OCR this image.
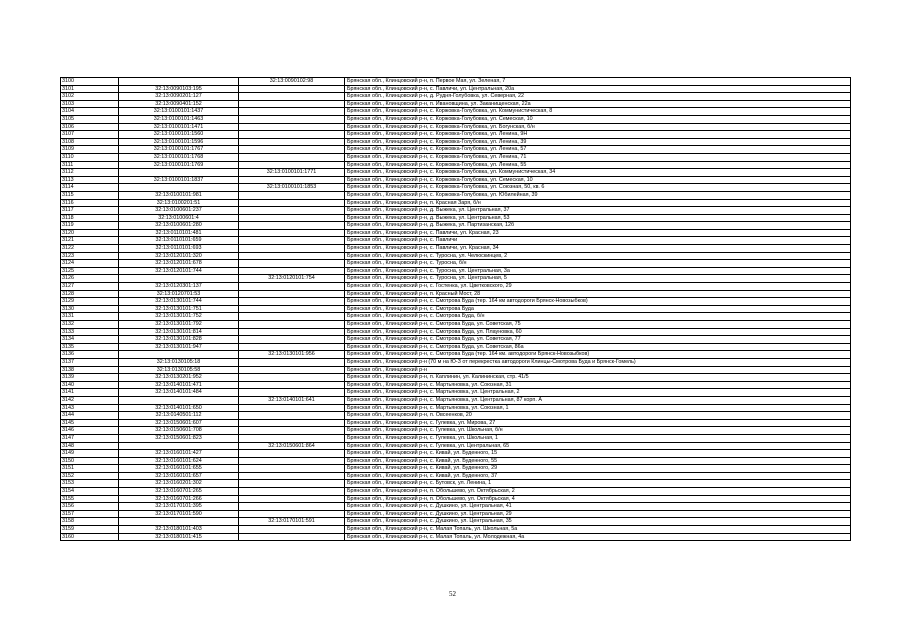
3100		32:13:0090102:98	Брянская обл., Клинцовский р-н, п. Первое Мая, ул. Зеленая, 7
3101	32:13:0090103:195		Брянская обл., Клинцовский р-н, с. Павличи, ул. Центральная, 20а
3102	32:13:0090201:127		Брянская обл., Клинцовский р-н, д. Рудня-Голубовка, ул. Северная, 22
3103	32:13:0090401:152		Брянская обл., Клинцовский р-н, п. Ивановщина, ул. Заканищенская, 22а
3104	32:13:0100101:1437		Брянская обл., Клинцовский р-н, с. Коржовка-Голубовка, ул. Коммунистическая, 8
3105	32:13:0100101:1463		Брянская обл., Клинцовский р-н, с. Коржовка-Голубовка, ул. Семеская, 10
3106	32:13:0100101:1471		Брянская обл., Клинцовский р-н, с. Коржовка-Голубовка, ул. Богунская, б/н
3107	32:13:0100101:1560		Брянская обл., Клинцовский р-н, с. Коржовка-Голубовка, ул. Ленина, 9Н
3108	32:13:0100101:1596		Брянская обл., Клинцовский р-н, с. Коржовка-Голубовка, ул. Ленина, 39
3109	32:13:0100101:1767		Брянская обл., Клинцовский р-н, с. Коржовка-Голубовка, ул. Ленина, 57
3110	32:13:0100101:1768		Брянская обл., Клинцовский р-н, с. Коржовка-Голубовка, ул. Ленина, 71
3111	32:13:0100101:1769		Брянская обл., Клинцовский р-н, с. Коржовка-Голубовка, ул. Ленина, 55
3112		32:13:0100101:1771	Брянская обл., Клинцовский р-н, с. Коржовка-Голубовка, ул. Коммунистическая, 34
3113	32:13:0100101:1837		Брянская обл., Клинцовский р-н, с. Коржовка-Голубовка, ул. Семеская, 10
3114		32:13:0100101:1853	Брянская обл., Клинцовский р-н, с. Коржовка-Голубовка, ул. Союзная, 50, кв. 6
3115	32:13:0100101:981		Брянская обл., Клинцовский р-н, с. Коржовка-Голубовка, ул. Юбилейная, 39
3116	32:13:0100201:51		Брянская обл., Клинцовский р-н, п. Красная Заря, б/н
3117	32:13:0100601:237		Брянская обл., Клинцовский р-н, д. Выжека, ул. Центральная, 37
3118	32:13:0100601:4		Брянская обл., Клинцовский р-н, д. Выжека, ул. Центральная, 53
3119	32:13:0100601:280		Брянская обл., Клинцовский р-н, д. Выжека, ул. Партизанская, 12б
3120	32:13:0110101:481		Брянская обл., Клинцовский р-н, с. Павличи, ул. Красная, 23
3121	32:13:0110101:659		Брянская обл., Клинцовский р-н, с. Павличи
3122	32:13:0110101:693		Брянская обл., Клинцовский р-н, с. Павличи, ул. Красная, 34
3123	32:13:0120101:320		Брянская обл., Клинцовский р-н, с. Туросна, ул. Челюскинцев, 2
3124	32:13:0120101:678		Брянская обл., Клинцовский р-н, с. Туросна, б/н
3125	32:13:0120101:744		Брянская обл., Клинцовский р-н, с. Туросна, ул. Центральная, 3а
3126		32:13:0120101:754	Брянская обл., Клинцовский р-н, с. Туросна, ул. Центральная, 5
3127	32:13:0120301:137		Брянская обл., Клинцовский р-н, с. Гостенка, ул. Цветковского, 29
3128	32:13:0120701:53		Брянская обл., Клинцовский р-н, п. Красный Мост, 28
3129	32:13:0130101:744		Брянская обл., Клинцовский р-н, с. Смотрова Буда (тер. 164 км автодороги Брянск-Новозыбков)
3130	32:13:0130101:751		Брянская обл., Клинцовский р-н, с. Смотрова Буда
3131	32:13:0130101:752		Брянская обл., Клинцовский р-н, с. Смотрова Буда, б/н
3132	32:13:0130101:792		Брянская обл., Клинцовский р-н, с. Смотрова Буда, ул. Советская, 75
3133	32:13:0130101:814		Брянская обл., Клинцовский р-н, с. Смотрова Буда, ул. Плауновка, 60
3134	32:13:0130101:828		Брянская обл., Клинцовский р-н, с. Смотрова Буда, ул. Советская, 77
3135	32:13:0130101:947		Брянская обл., Клинцовский р-н, с. Смотрова Буда, ул. Советская, 86а
3136		32:13:0130101:956	Брянская обл., Клинцовский р-н, с. Смотрова Буда (тер. 164 км. автодороги Брянск-Новозыбков)
3137	32:13:0130105:18		Брянская обл., Клинцовский р-н (70 м на Ю-З от перекрестка автодороги Клинцы-Смотрова Буда и Брянск-Гомель)
3138	32:13:0130105:58		Брянская обл., Клинцовский р-н
3139	32:13:0130201:952		Брянская обл., Клинцовский р-н, п. Каплинин, ул. Калининская, стр. 41/5
3140	32:13:0140101:471		Брянская обл., Клинцовский р-н, с. Мартьяновка, ул. Союзная, 31
3141	32:13:0140101:484		Брянская обл., Клинцовский р-н, с. Мартьяновка, ул. Центральная, 2
3142		32:13:0140101:641	Брянская обл., Клинцовский р-н, с. Мартьяновка, ул. Центральная, 87 корп. А
3143	32:13:0140101:650		Брянская обл., Клинцовский р-н, с. Мартьяновка, ул. Союзная, 1
3144	32:13:0140501:112		Брянская обл., Клинцовский р-н, п. Овсеенков, 20
3145	32:13:0150601:607		Брянская обл., Клинцовский р-н, с. Гулевка, ул. Мирова, 27
3146	32:13:0150601:708		Брянская обл., Клинцовский р-н, с. Гулевка, ул. Школьная, б/н
3147	32:13:0150601:823		Брянская обл., Клинцовский р-н, с. Гулевка, ул. Школьная, 1
3148		32:13:0150601:864	Брянская обл., Клинцовский р-н, с. Гулевка, ул. Центральная, 65
3149	32:13:0160101:427		Брянская обл., Клинцовский р-н, с. Кивай, ул. Буденного, 15
3150	32:13:0160101:624		Брянская обл., Клинцовский р-н, с. Кивай, ул. Буденного, 55
3151	32:13:0160101:655		Брянская обл., Клинцовский р-н, с. Кивай, ул. Буденного, 29
3152	32:13:0160101:657		Брянская обл., Клинцовский р-н, с. Кивай, ул. Буденного, 37
3153	32:13:0160201:302		Брянская обл., Клинцовский р-н, с. Бутовск, ул. Ленина, 1
3154	32:13:0160701:265		Брянская обл., Клинцовский р-н, п. Обольшево, ул. Октябрьская, 2
3155	32:13:0160701:266		Брянская обл., Клинцовский р-н, п. Обольшево, ул. Октябрьская, 4
3156	32:13:0170101:395		Брянская обл., Клинцовский р-н, с. Душкино, ул. Центральная, 41
3157	32:13:0170101:590		Брянская обл., Клинцовский р-н, с. Душкино, ул. Центральная, 29
3158		32:13:0170101:591	Брянская обл., Клинцовский р-н, с. Душкино, ул. Центральная, 35
3159	32:13:0180101:403		Брянская обл., Клинцовский р-н, с. Малая Топаль, ул. Школьная, 5а
3160	32:13:0180101:415		Брянская обл., Клинцовский р-н, с. Малая Топаль, ул. Молодежная, 4а
52
